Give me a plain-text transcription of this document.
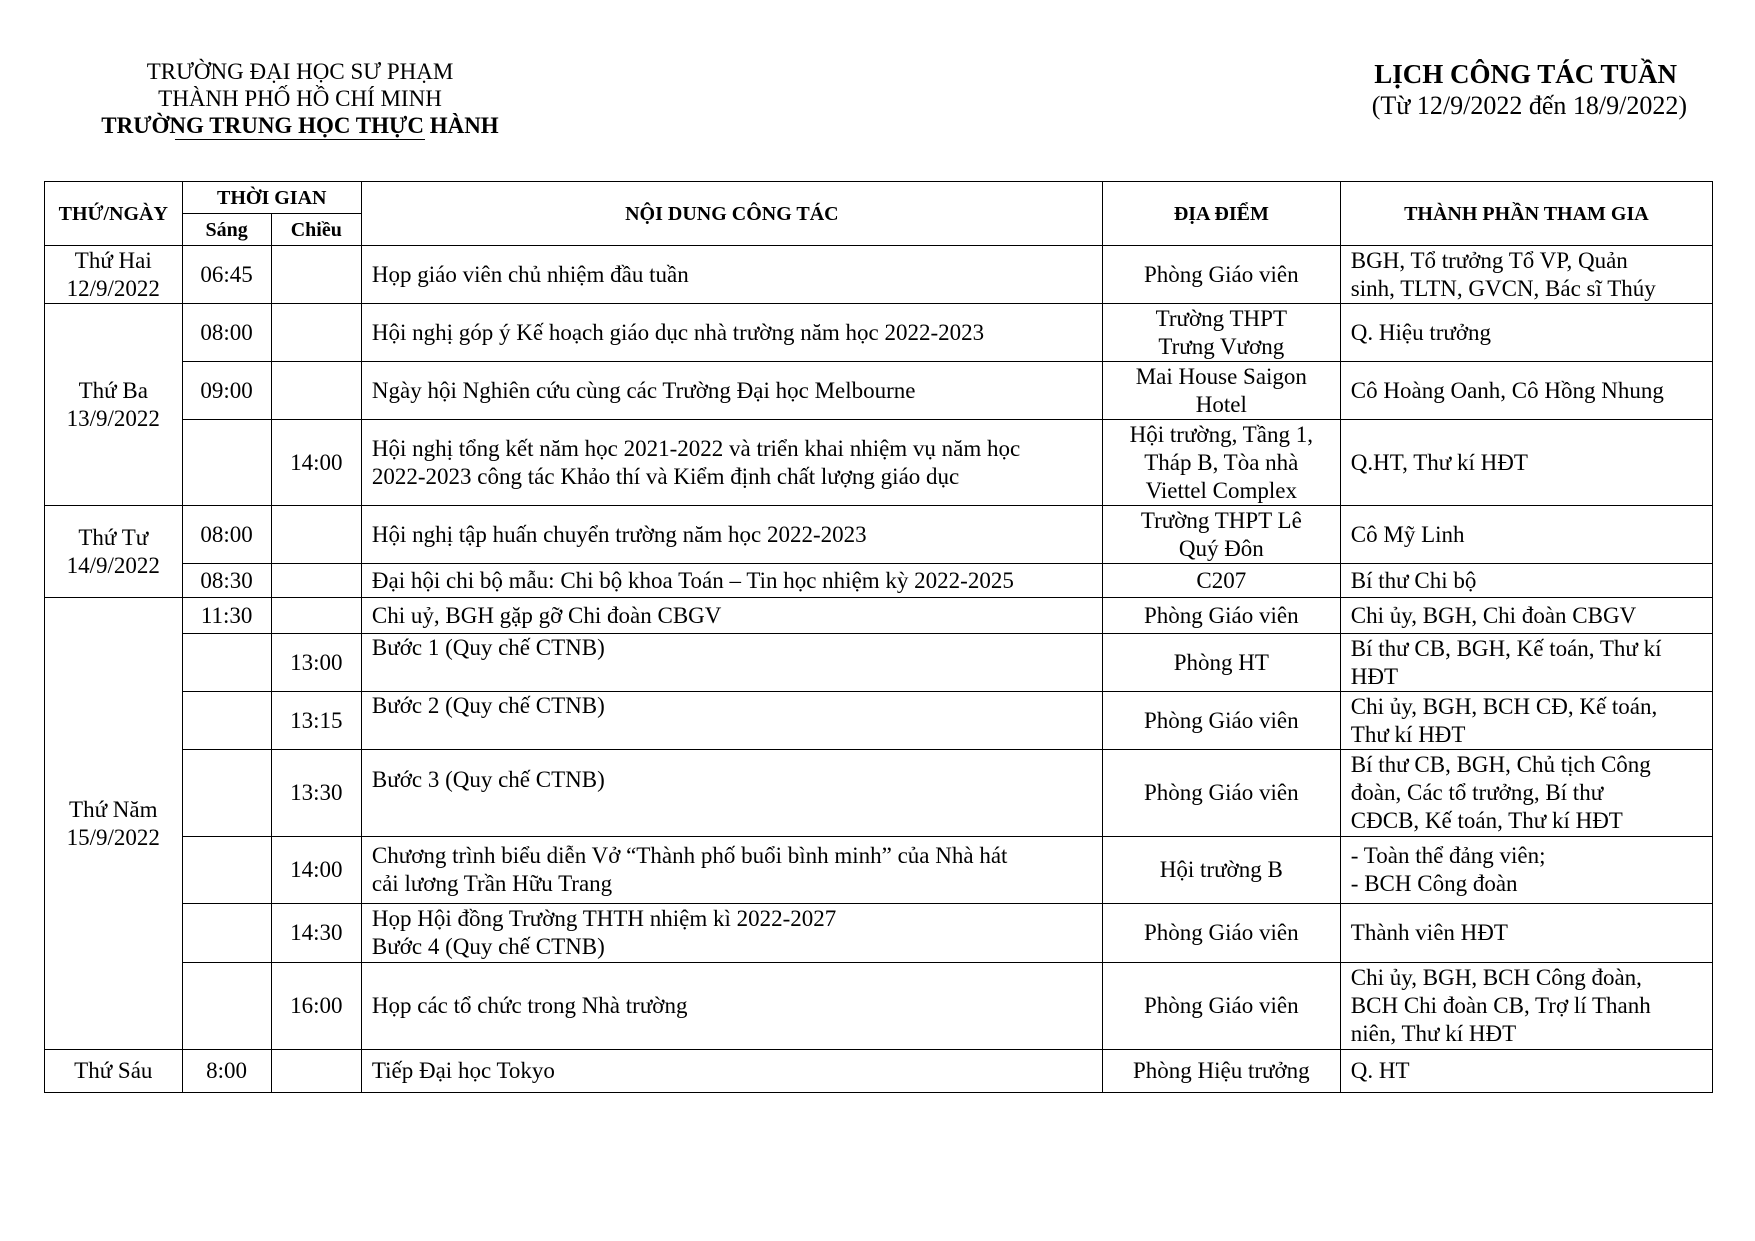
TRƯỜNG ĐẠI HỌC SƯ PHẠM
THÀNH PHỐ HỒ CHÍ MINH
TRƯỜNG TRUNG HỌC THỰC HÀNH
LỊCH CÔNG TÁC TUẦN
(Từ 12/9/2022 đến 18/9/2022)
THỨ/NGÀY	THỜI GIAN		NỘI DUNG CÔNG TÁC	ĐỊA ĐIỂM	THÀNH PHẦN THAM GIA
	Sáng	Chiều			

Thứ Hai
12/9/2022	06:45		Họp giáo viên chủ nhiệm đầu tuần	Phòng Giáo viên	BGH, Tổ trưởng Tổ VP, Quản
sinh, TLTN, GVCN, Bác sĩ Thúy

Thứ Ba
13/9/2022	08:00		Hội nghị góp ý Kế hoạch giáo dục nhà trường năm học 2022-2023	Trường THPT
Trưng Vương	Q. Hiệu trưởng

	09:00		Ngày hội Nghiên cứu cùng các Trường Đại học Melbourne	Mai House Saigon
Hotel	Cô Hoàng Oanh, Cô Hồng Nhung

		14:00	Hội nghị tổng kết năm học 2021-2022 và triển khai nhiệm vụ năm học
2022-2023 công tác Khảo thí và Kiểm định chất lượng giáo dục	Hội trường, Tầng 1,
Tháp B, Tòa nhà
Viettel Complex	Q.HT, Thư kí HĐT

Thứ Tư
14/9/2022	08:00		Hội nghị tập huấn chuyển trường năm học 2022-2023	Trường THPT Lê
Quý Đôn	Cô Mỹ Linh

	08:30		Đại hội chi bộ mẫu: Chi bộ khoa Toán – Tin học nhiệm kỳ 2022-2025	C207	Bí thư Chi bộ

Thứ Năm
15/9/2022	11:30		Chi uỷ, BGH gặp gỡ Chi đoàn CBGV	Phòng Giáo viên	Chi ủy, BGH, Chi đoàn CBGV

		13:00	Bước 1 (Quy chế CTNB)	Phòng HT	Bí thư CB, BGH, Kế toán, Thư kí
HĐT

		13:15	Bước 2 (Quy chế CTNB)	Phòng Giáo viên	Chi ủy, BGH, BCH CĐ, Kế toán,
Thư kí HĐT

		13:30	Bước 3 (Quy chế CTNB)	Phòng Giáo viên	Bí thư CB, BGH, Chủ tịch Công
đoàn, Các tổ trưởng, Bí thư
CĐCB, Kế toán, Thư kí HĐT

		14:00	Chương trình biểu diễn Vở “Thành phố buổi bình minh” của Nhà hát
cải lương Trần Hữu Trang	Hội trường B	- Toàn thể đảng viên;
- BCH Công đoàn

		14:30	Họp Hội đồng Trường THTH nhiệm kì 2022-2027
Bước 4 (Quy chế CTNB)	Phòng Giáo viên	Thành viên HĐT

		16:00	Họp các tổ chức trong Nhà trường	Phòng Giáo viên	Chi ủy, BGH, BCH Công đoàn,
BCH Chi đoàn CB, Trợ lí Thanh
niên, Thư kí HĐT

Thứ Sáu	8:00		Tiếp Đại học Tokyo	Phòng Hiệu trưởng	Q. HT
